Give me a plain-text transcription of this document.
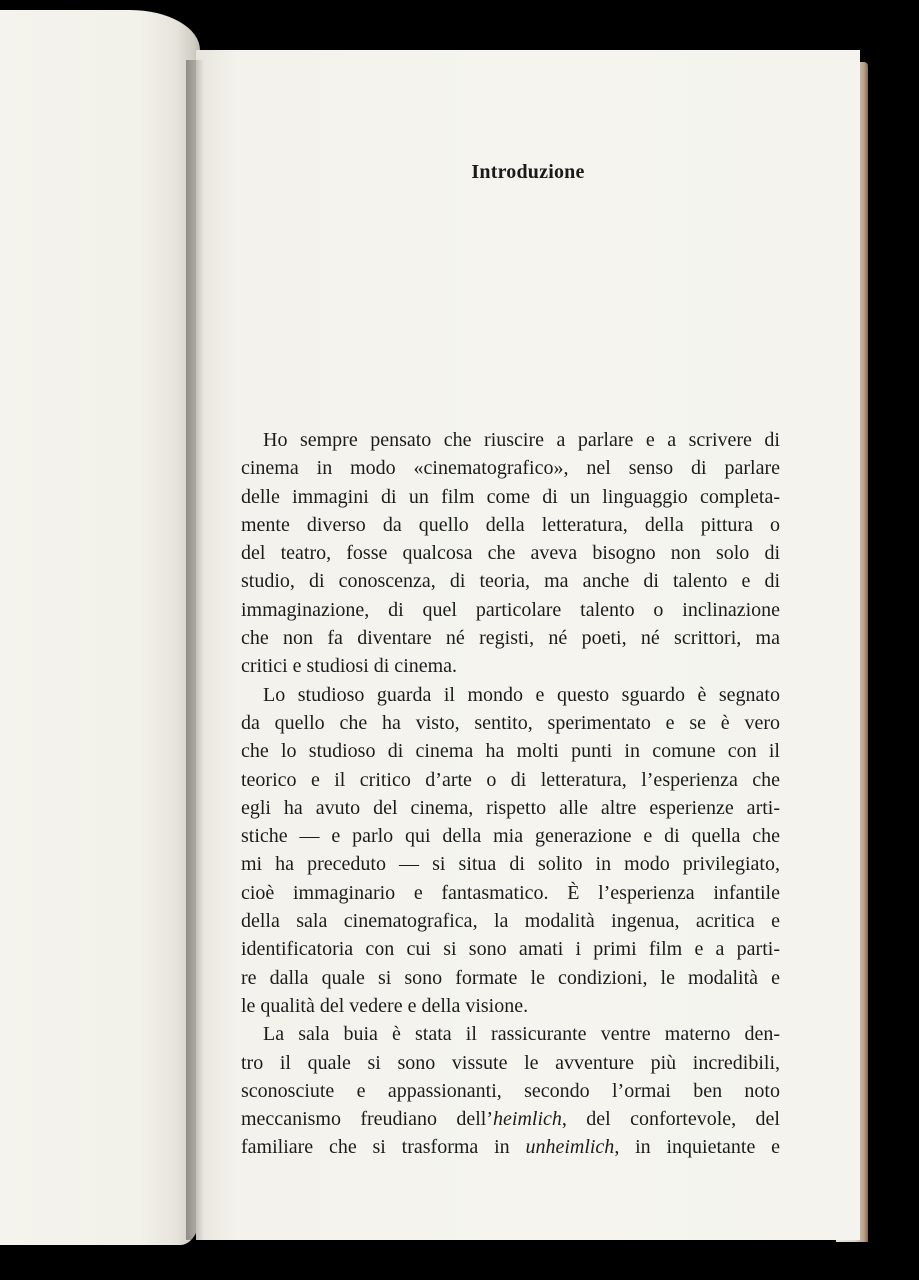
Introduzione
Ho sempre pensato che riuscire a parlare e a scrivere di
cinema in modo «cinematografico», nel senso di parlare
delle immagini di un film come di un linguaggio completa-
mente diverso da quello della letteratura, della pittura o
del teatro, fosse qualcosa che aveva bisogno non solo di
studio, di conoscenza, di teoria, ma anche di talento e di
immaginazione, di quel particolare talento o inclinazione
che non fa diventare né registi, né poeti, né scrittori, ma
critici e studiosi di cinema.
Lo studioso guarda il mondo e questo sguardo è segnato
da quello che ha visto, sentito, sperimentato e se è vero
che lo studioso di cinema ha molti punti in comune con il
teorico e il critico d’arte o di letteratura, l’esperienza che
egli ha avuto del cinema, rispetto alle altre esperienze arti-
stiche — e parlo qui della mia generazione e di quella che
mi ha preceduto — si situa di solito in modo privilegiato,
cioè immaginario e fantasmatico. È l’esperienza infantile
della sala cinematografica, la modalità ingenua, acritica e
identificatoria con cui si sono amati i primi film e a parti-
re dalla quale si sono formate le condizioni, le modalità e
le qualità del vedere e della visione.
La sala buia è stata il rassicurante ventre materno den-
tro il quale si sono vissute le avventure più incredibili,
sconosciute e appassionanti, secondo l’ormai ben noto
meccanismo freudiano dell’heimlich, del confortevole, del
familiare che si trasforma in unheimlich, in inquietante e
